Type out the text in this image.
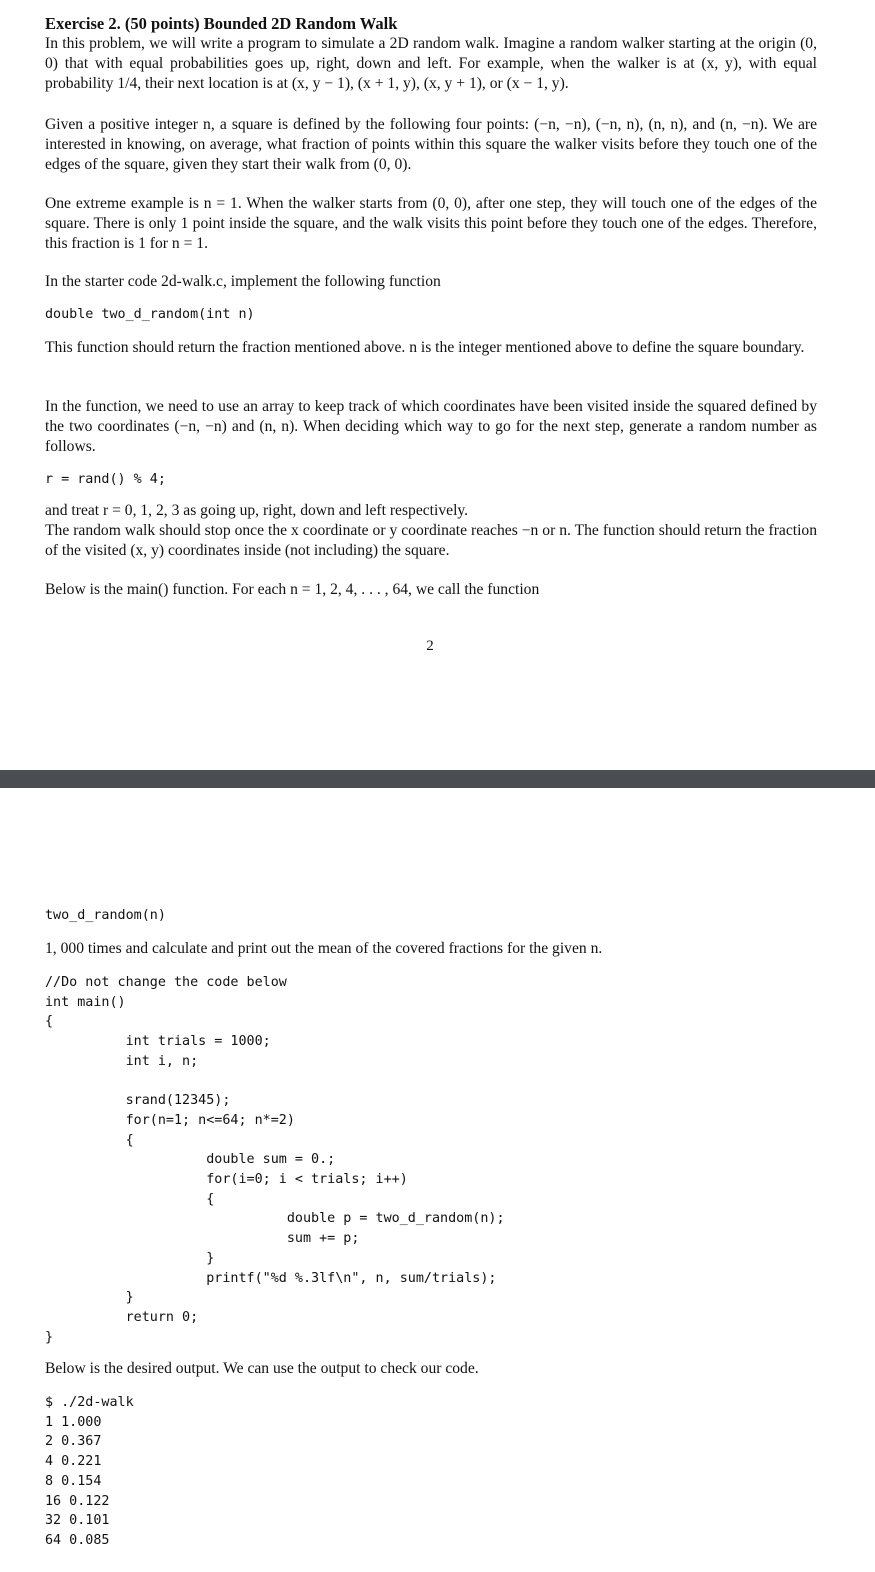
Exercise 2. (50 points) Bounded 2D Random Walk
In this problem, we will write a program to simulate a 2D random walk. Imagine a random walker starting at the origin (0, 0) that with equal probabilities goes up, right, down and left. For example, when the walker is at (x, y), with equal probability 1/4, their next location is at (x, y − 1), (x + 1, y), (x, y + 1), or (x − 1, y).
Given a positive integer n, a square is defined by the following four points: (−n, −n), (−n, n), (n, n), and (n, −n). We are interested in knowing, on average, what fraction of points within this square the walker visits before they touch one of the edges of the square, given they start their walk from (0, 0).
One extreme example is n = 1. When the walker starts from (0, 0), after one step, they will touch one of the edges of the square. There is only 1 point inside the square, and the walk visits this point before they touch one of the edges. Therefore, this fraction is 1 for n = 1.
In the starter code 2d-walk.c, implement the following function
double two_d_random(int n)
This function should return the fraction mentioned above. n is the integer mentioned above to define the square boundary.
In the function, we need to use an array to keep track of which coordinates have been visited inside the squared defined by the two coordinates (−n, −n) and (n, n). When deciding which way to go for the next step, generate a random number as follows.
r = rand() % 4;
and treat r = 0, 1, 2, 3 as going up, right, down and left respectively.
The random walk should stop once the x coordinate or y coordinate reaches −n or n. The function should return the fraction of the visited (x, y) coordinates inside (not including) the square.
Below is the main() function. For each n = 1, 2, 4, . . . , 64, we call the function
2
two_d_random(n)
1, 000 times and calculate and print out the mean of the covered fractions for the given n.
//Do not change the code below
int main()
{
int trials = 1000;
int i, n;

srand(12345);
for(n=1; n<=64; n*=2)
{
double sum = 0.;
for(i=0; i < trials; i++)
{
double p = two_d_random(n);
sum += p;
}
printf("%d %.3lf\n", n, sum/trials);
}
return 0;
}
Below is the desired output. We can use the output to check our code.
$ ./2d-walk
1 1.000
2 0.367
4 0.221
8 0.154
16 0.122
32 0.101
64 0.085
